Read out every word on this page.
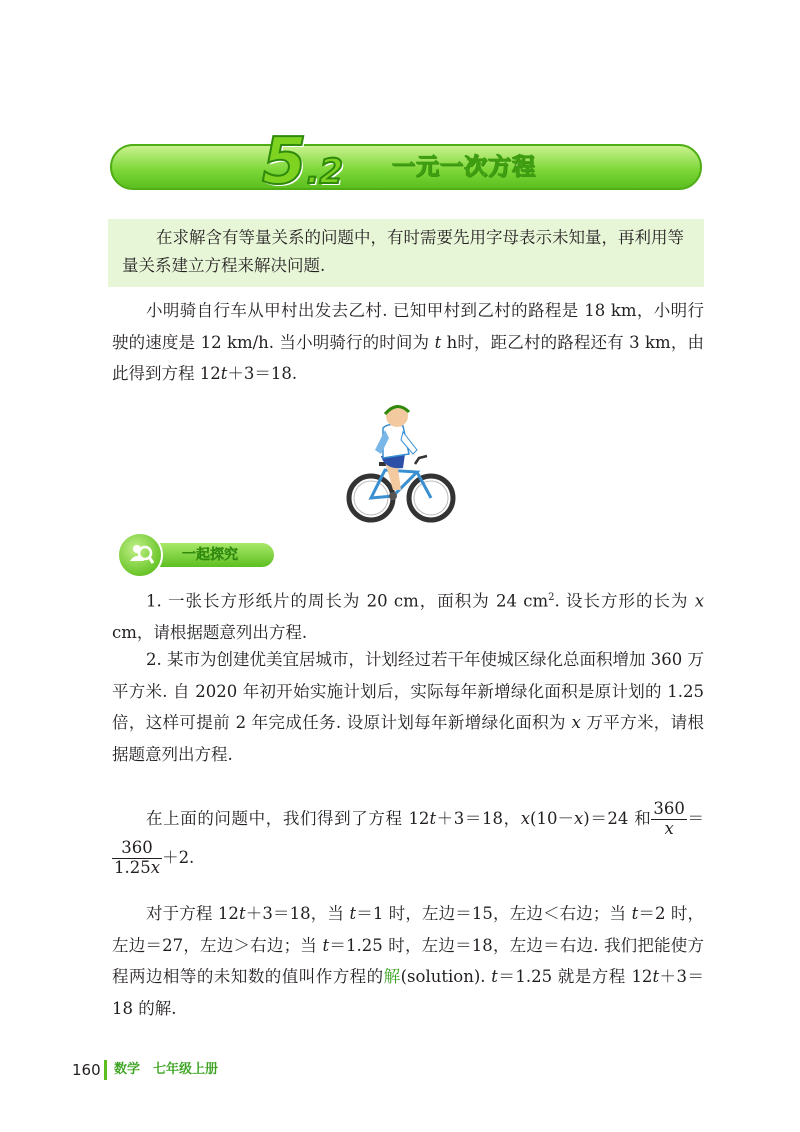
5.2 一元一次方程
在求解含有等量关系的问题中，有时需要先用字母表示未知量，再利用等量关系建立方程来解决问题.
小明骑自行车从甲村出发去乙村. 已知甲村到乙村的路程是 18 km，小明行驶的速度是 12 km/h. 当小明骑行的时间为 t h时，距乙村的路程还有 3 km，由此得到方程 12t＋3＝18.
一起探究
1. 一张长方形纸片的周长为 20 cm，面积为 24 $cm^2$. 设长方形的长为 x cm，请根据题意列出方程.
2. 某市为创建优美宜居城市，计划经过若干年使城区绿化总面积增加 360 万平方米. 自 2020 年初开始实施计划后，实际每年新增绿化面积是原计划的 1.25 倍，这样可提前 2 年完成任务. 设原计划每年新增绿化面积为 x 万平方米，请根据题意列出方程.
在上面的问题中，我们得到了方程 12t＋3＝18，x(10－x)＝24 和 $\frac{360}{x}$ ＝
$\frac{360}{1.25x} +2$.
对于方程 12t＋3＝18，当 t＝1 时，左边＝15，左边＜右边；当 t＝2 时，左边＝27，左边＞右边；当 t＝1.25 时，左边＝18，左边＝右边. 我们把能使方程两边相等的未知数的值叫作方程的解(solution). t＝1.25 就是方程 12t＋3＝18 的解.
160 数学　七年级上册
